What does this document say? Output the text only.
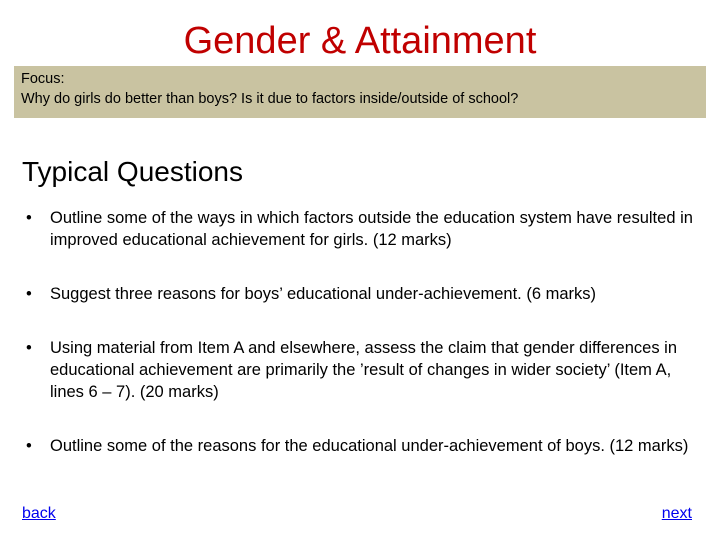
Gender & Attainment
Focus:
Why do girls do better than boys? Is it due to factors inside/outside of school?
Typical Questions
• Outline some of the ways in which factors outside the education system have resulted in improved educational achievement for girls. (12 marks)
• Suggest three reasons for boys’ educational under-achievement. (6 marks)
• Using material from Item A and elsewhere, assess the claim that gender differences in educational achievement are primarily the ’result of changes in wider society’ (Item A, lines 6 – 7). (20 marks)
• Outline some of the reasons for the educational under-achievement of boys. (12 marks)
back	next
